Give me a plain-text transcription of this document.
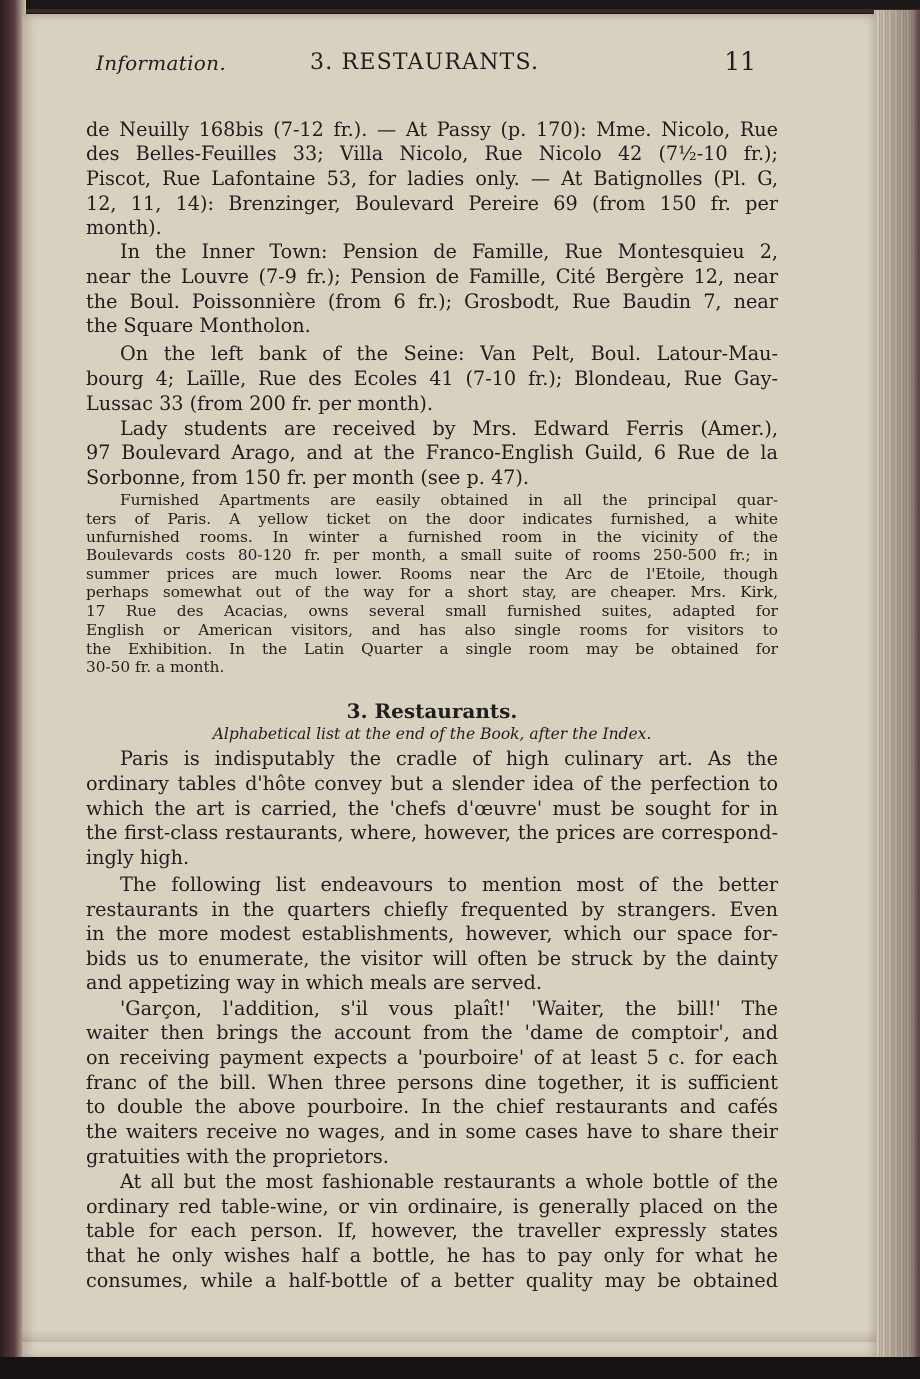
Information.	3. RESTAURANTS.	11
de Neuilly 168bis (7-12 fr.). — At Passy (p. 170): Mme. Nicolo, Rue
des Belles-Feuilles 33; Villa Nicolo, Rue Nicolo 42 (7½-10 fr.);
Piscot, Rue Lafontaine 53, for ladies only. — At Batignolles (Pl. G,
12, 11, 14): Brenzinger, Boulevard Pereire 69 (from 150 fr. per
month).
In the Inner Town: Pension de Famille, Rue Montesquieu 2,
near the Louvre (7-9 fr.); Pension de Famille, Cité Bergère 12, near
the Boul. Poissonnière (from 6 fr.); Grosbodt, Rue Baudin 7, near
the Square Montholon.
On the left bank of the Seine: Van Pelt, Boul. Latour-Mau-
bourg 4; Laïlle, Rue des Ecoles 41 (7-10 fr.); Blondeau, Rue Gay-
Lussac 33 (from 200 fr. per month).
Lady students are received by Mrs. Edward Ferris (Amer.),
97 Boulevard Arago, and at the Franco-English Guild, 6 Rue de la
Sorbonne, from 150 fr. per month (see p. 47).
Furnished Apartments are easily obtained in all the principal quar-
ters of Paris. A yellow ticket on the door indicates furnished, a white
unfurnished rooms. In winter a furnished room in the vicinity of the
Boulevards costs 80-120 fr. per month, a small suite of rooms 250-500 fr.; in
summer prices are much lower. Rooms near the Arc de l'Etoile, though
perhaps somewhat out of the way for a short stay, are cheaper. Mrs. Kirk,
17 Rue des Acacias, owns several small furnished suites, adapted for
English or American visitors, and has also single rooms for visitors to
the Exhibition. In the Latin Quarter a single room may be obtained for
30-50 fr. a month.
3. Restaurants.
Alphabetical list at the end of the Book, after the Index.
Paris is indisputably the cradle of high culinary art. As the
ordinary tables d'hôte convey but a slender idea of the perfection to
which the art is carried, the 'chefs d'œuvre' must be sought for in
the first-class restaurants, where, however, the prices are correspond-
ingly high.
The following list endeavours to mention most of the better
restaurants in the quarters chiefly frequented by strangers. Even
in the more modest establishments, however, which our space for-
bids us to enumerate, the visitor will often be struck by the dainty
and appetizing way in which meals are served.
'Garçon, l'addition, s'il vous plaît!' 'Waiter, the bill!' The
waiter then brings the account from the 'dame de comptoir', and
on receiving payment expects a 'pourboire' of at least 5 c. for each
franc of the bill. When three persons dine together, it is sufficient
to double the above pourboire. In the chief restaurants and cafés
the waiters receive no wages, and in some cases have to share their
gratuities with the proprietors.
At all but the most fashionable restaurants a whole bottle of the
ordinary red table-wine, or vin ordinaire, is generally placed on the
table for each person. If, however, the traveller expressly states
that he only wishes half a bottle, he has to pay only for what he
consumes, while a half-bottle of a better quality may be obtained
